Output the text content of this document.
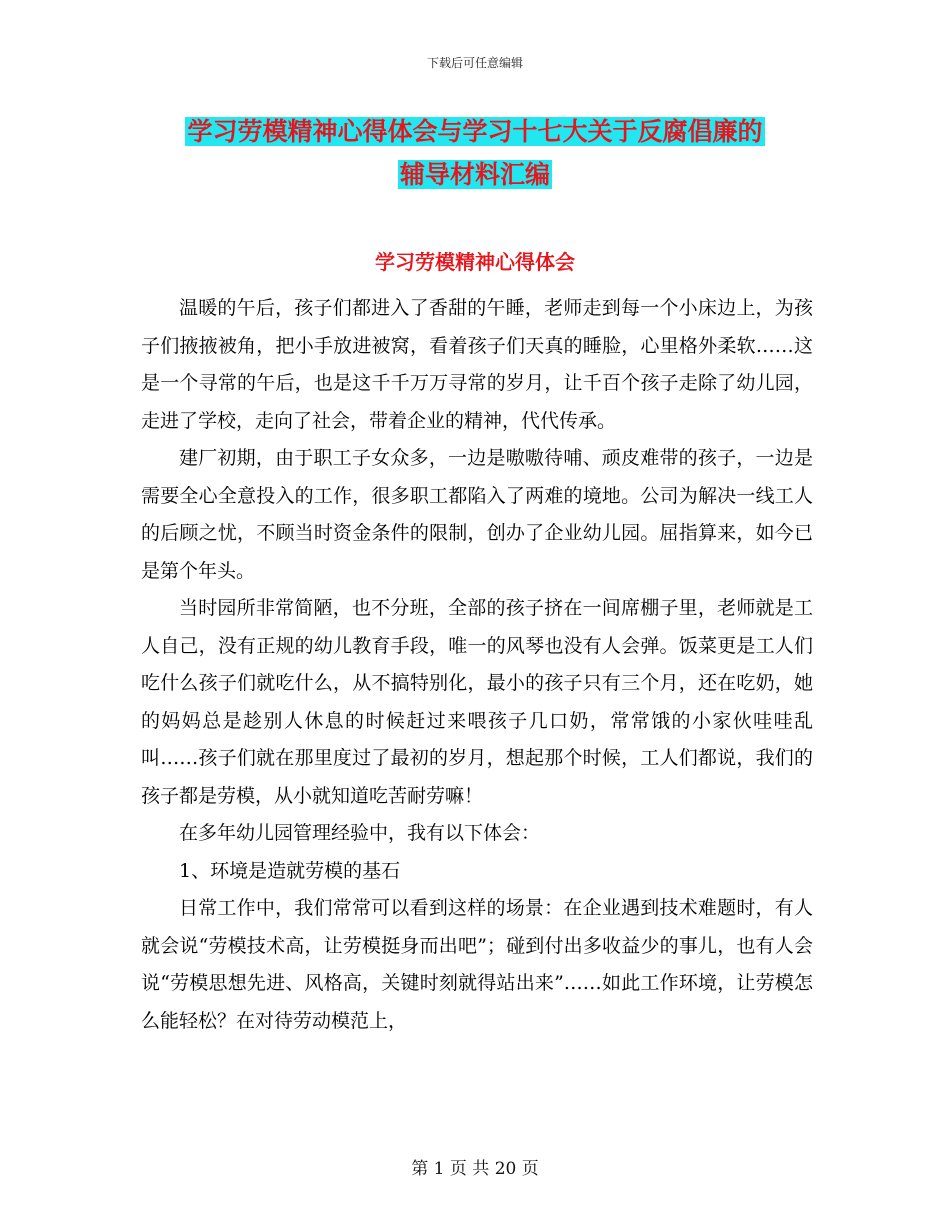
下载后可任意编辑
学习劳模精神心得体会与学习十七大关于反腐倡廉的
辅导材料汇编
学习劳模精神心得体会

温暖的午后，孩子们都进入了香甜的午睡，老师走到每一个小床边上，为孩子们掖掖被角，把小手放进被窝，看着孩子们天真的睡脸，心里格外柔软……这是一个寻常的午后，也是这千千万万寻常的岁月，让千百个孩子走除了幼儿园，走进了学校，走向了社会，带着企业的精神，代代传承。

建厂初期，由于职工子女众多，一边是嗷嗷待哺、顽皮难带的孩子，一边是需要全心全意投入的工作，很多职工都陷入了两难的境地。公司为解决一线工人的后顾之忧，不顾当时资金条件的限制，创办了企业幼儿园。屈指算来，如今已是第个年头。

当时园所非常简陋，也不分班，全部的孩子挤在一间席棚子里，老师就是工人自己，没有正规的幼儿教育手段，唯一的风琴也没有人会弹。饭菜更是工人们吃什么孩子们就吃什么，从不搞特别化，最小的孩子只有三个月，还在吃奶，她的妈妈总是趁别人休息的时候赶过来喂孩子几口奶，常常饿的小家伙哇哇乱叫……孩子们就在那里度过了最初的岁月，想起那个时候，工人们都说，我们的孩子都是劳模，从小就知道吃苦耐劳嘛！

在多年幼儿园管理经验中，我有以下体会：

1、环境是造就劳模的基石

日常工作中，我们常常可以看到这样的场景：在企业遇到技术难题时，有人就会说“劳模技术高，让劳模挺身而出吧”；碰到付出多收益少的事儿，也有人会说“劳模思想先进、风格高，关键时刻就得站出来”……如此工作环境，让劳模怎么能轻松？在对待劳动模范上，

第 1 页 共 20 页
